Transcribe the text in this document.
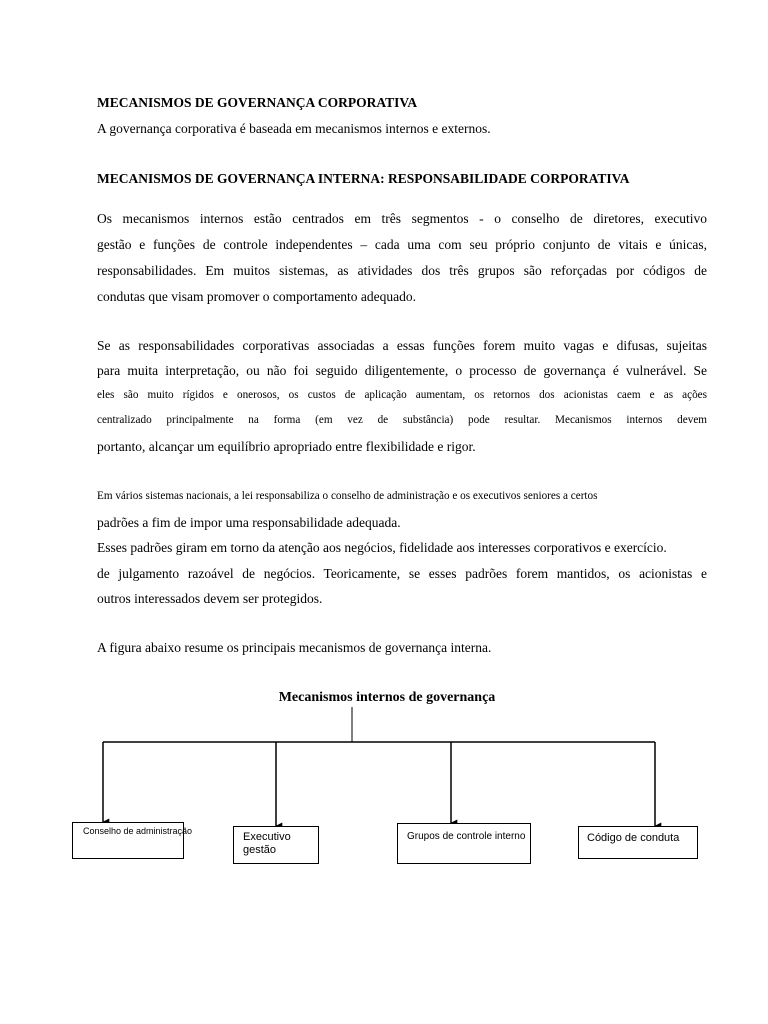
MECANISMOS DE GOVERNANÇA CORPORATIVA
A governança corporativa é baseada em mecanismos internos e externos.
MECANISMOS DE GOVERNANÇA INTERNA: RESPONSABILIDADE CORPORATIVA
Os mecanismos internos estão centrados em três segmentos - o conselho de diretores, executivo
gestão e funções de controle independentes – cada uma com seu próprio conjunto de vitais e únicas,
responsabilidades. Em muitos sistemas, as atividades dos três grupos são reforçadas por códigos de
condutas que visam promover o comportamento adequado.
Se as responsabilidades corporativas associadas a essas funções forem muito vagas e difusas, sujeitas
para muita interpretação, ou não foi seguido diligentemente, o processo de governança é vulnerável. Se
eles são muito rígidos e onerosos, os custos de aplicação aumentam, os retornos dos acionistas caem e as ações
centralizado principalmente na forma (em vez de substância) pode resultar. Mecanismos internos devem
portanto, alcançar um equilíbrio apropriado entre flexibilidade e rigor.
Em vários sistemas nacionais, a lei responsabiliza o conselho de administração e os executivos seniores a certos
padrões a fim de impor uma responsabilidade adequada.
Esses padrões giram em torno da atenção aos negócios, fidelidade aos interesses corporativos e exercício.
de julgamento razoável de negócios. Teoricamente, se esses padrões forem mantidos, os acionistas e
outros interessados devem ser protegidos.
A figura abaixo resume os principais mecanismos de governança interna.
Mecanismos internos de governança
Conselho de administração	Executivo
gestão
Grupos de controle interno	Código de conduta
